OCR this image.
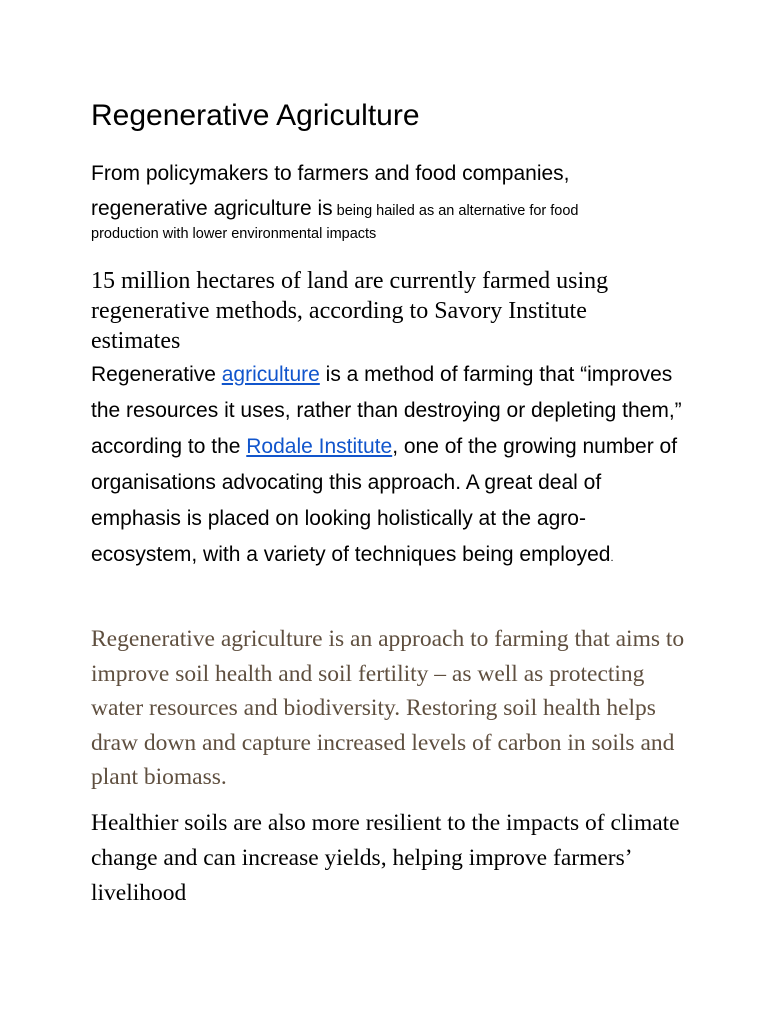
Regenerative Agriculture

From policymakers to farmers and food companies,
regenerative agriculture is being hailed as an alternative for food
production with lower environmental impacts

15 million hectares of land are currently farmed using regenerative methods, according to Savory Institute estimates

Regenerative agriculture is a method of farming that “improves the resources it uses, rather than destroying or depleting them,” according to the Rodale Institute, one of the growing number of organisations advocating this approach. A great deal of emphasis is placed on looking holistically at the agro-ecosystem, with a variety of techniques being employed.

Regenerative agriculture is an approach to farming that aims to improve soil health and soil fertility – as well as protecting water resources and biodiversity. Restoring soil health helps draw down and capture increased levels of carbon in soils and plant biomass.

Healthier soils are also more resilient to the impacts of climate change and can increase yields, helping improve farmers’ livelihood
